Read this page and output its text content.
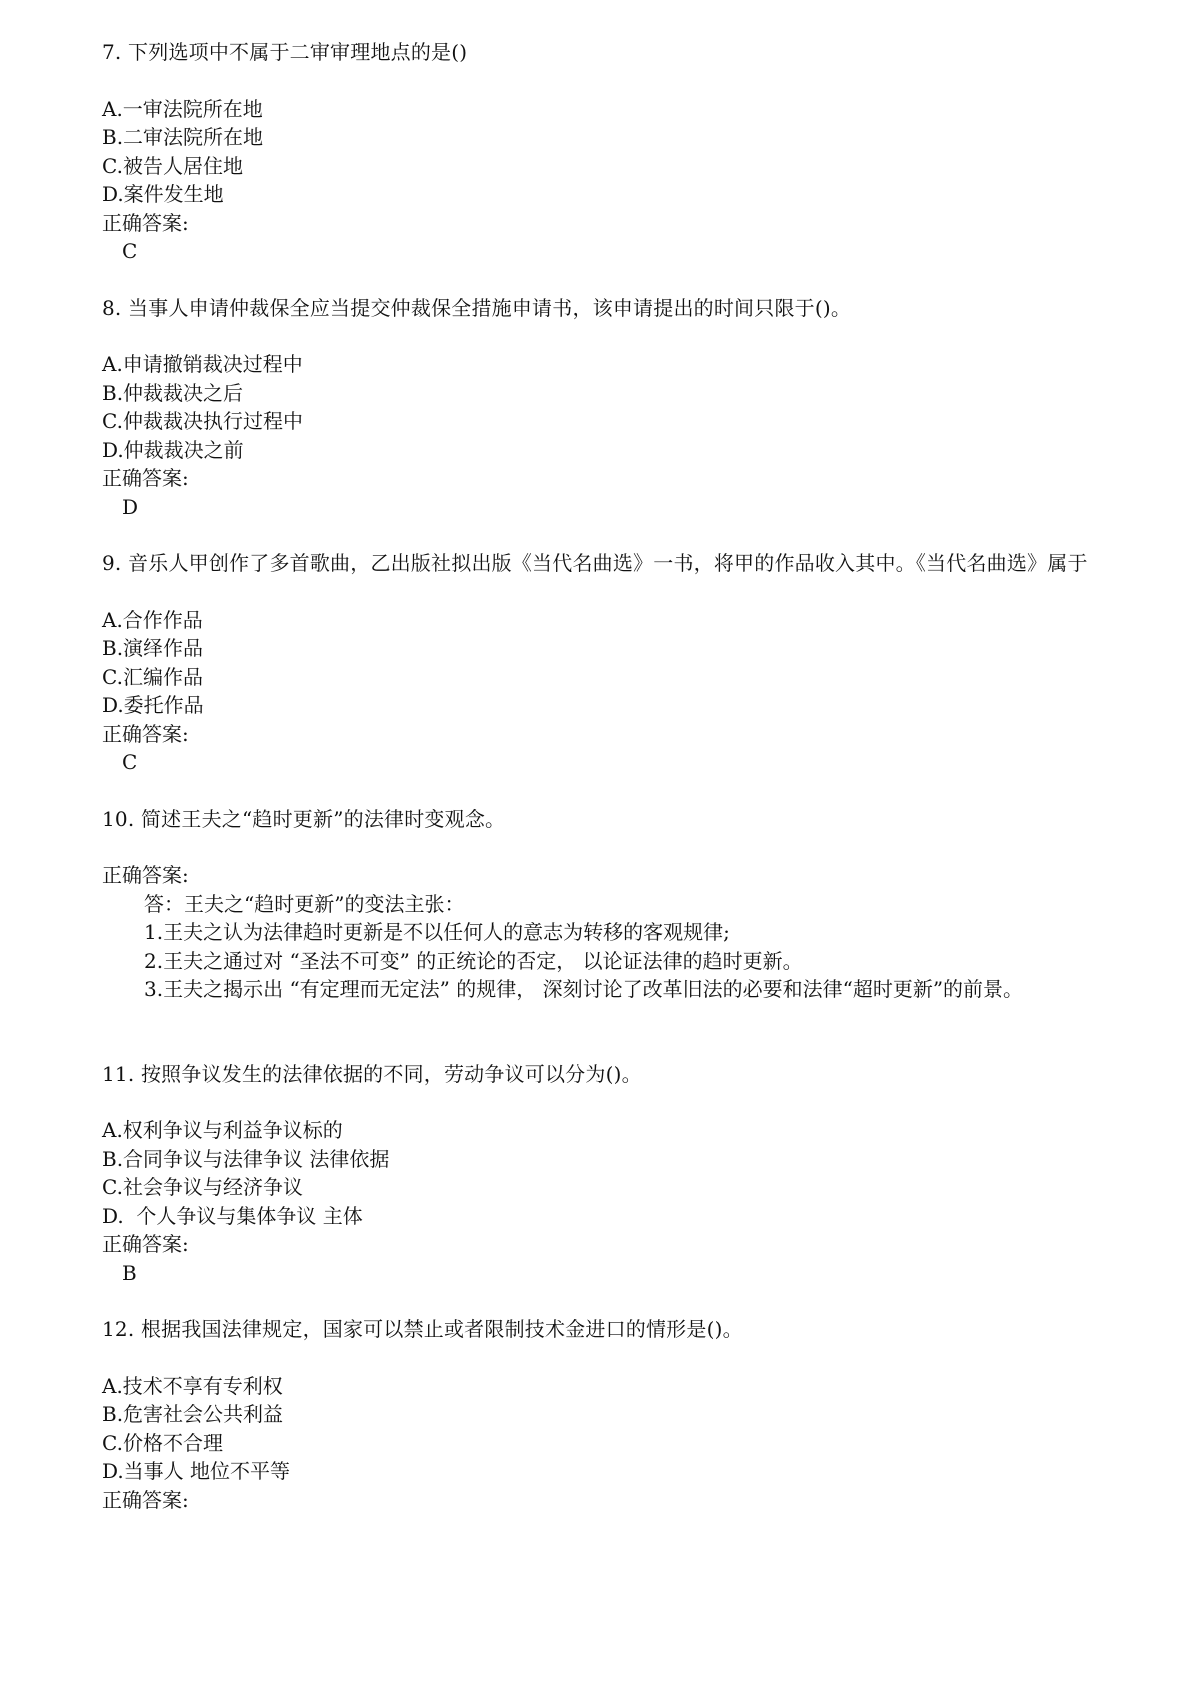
7. 下列选项中不属于二审审理地点的是()

A.一审法院所在地

B.二审法院所在地

C.被告人居住地

D.案件发生地

正确答案:

C

8. 当事人申请仲裁保全应当提交仲裁保全措施申请书，该申请提出的时间只限于()。

A.申请撤销裁决过程中

B.仲裁裁决之后

C.仲裁裁决执行过程中

D.仲裁裁决之前

正确答案:

D

9. 音乐人甲创作了多首歌曲，乙出版社拟出版《当代名曲选》一书，将甲的作品收入其中。《当代名曲选》属于

A.合作作品

B.演绎作品

C.汇编作品

D.委托作品

正确答案:

C

10. 简述王夫之“趋时更新”的法律时变观念。

正确答案:

答：王夫之“趋时更新”的变法主张：

1.王夫之认为法律趋时更新是不以任何人的意志为转移的客观规律;

2.王夫之通过对 “圣法不可变” 的正统论的否定， 以论证法律的趋时更新。

3.王夫之揭示出 “有定理而无定法” 的规律， 深刻讨论了改革旧法的必要和法律“超时更新”的前景。

11. 按照争议发生的法律依据的不同，劳动争议可以分为()。

A.权利争议与利益争议标的

B.合同争议与法律争议 法律依据

C.社会争议与经济争议

D.  个人争议与集体争议 主体

正确答案:

B

12. 根据我国法律规定，国家可以禁止或者限制技术金进口的情形是()。

A.技术不享有专利权

B.危害社会公共利益

C.价格不合理

D.当事人 地位不平等

正确答案:
